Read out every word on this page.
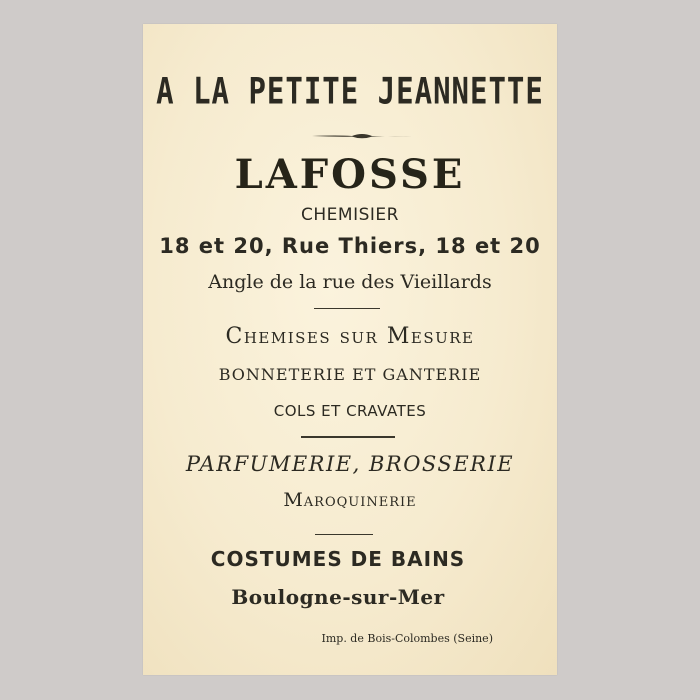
A LA PETITE JEANNETTE
LAFOSSE
CHEMISIER
18 et 20, Rue Thiers, 18 et 20
Angle de la rue des Vieillards
Chemises sur Mesure
BONNETERIE ET GANTERIE
COLS ET CRAVATES
PARFUMERIE, BROSSERIE
Maroquinerie
COSTUMES DE BAINS
Boulogne-sur-Mer
Imp. de Bois-Colombes (Seine)
